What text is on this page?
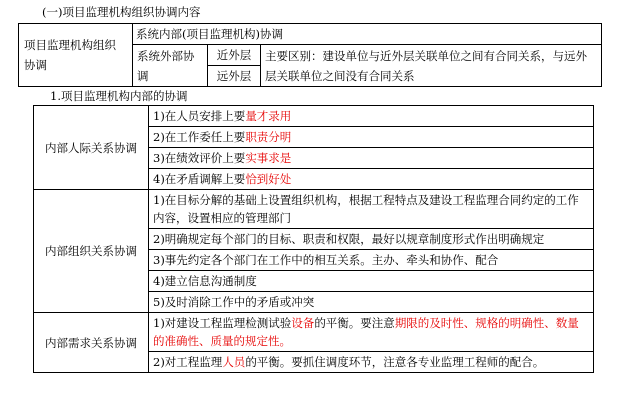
(一)项目监理机构组织协调内容
项目监理机构组织协调	系统内部(项目监理机构)协调		
	系统外部协调	近外层	主要区别：建设单位与近外层关联单位之间有合同关系，与远外层关联单位之间没有合同关系
		远外层	
1.项目监理机构内部的协调
内部人际关系协调	1)在人员安排上要量才录用
	2)在工作委任上要职责分明
	3)在绩效评价上要实事求是
	4)在矛盾调解上要恰到好处
内部组织关系协调	1)在目标分解的基础上设置组织机构，根据工程特点及建设工程监理合同约定的工作内容，设置相应的管理部门
	2)明确规定每个部门的目标、职责和权限，最好以规章制度形式作出明确规定
	3)事先约定各个部门在工作中的相互关系。主办、牵头和协作、配合
	4)建立信息沟通制度
	5)及时消除工作中的矛盾或冲突
内部需求关系协调	1)对建设工程监理检测试验设备的平衡。要注意期限的及时性、规格的明确性、数量的准确性、质量的规定性。
	2)对工程监理人员的平衡。要抓住调度环节，注意各专业监理工程师的配合。
